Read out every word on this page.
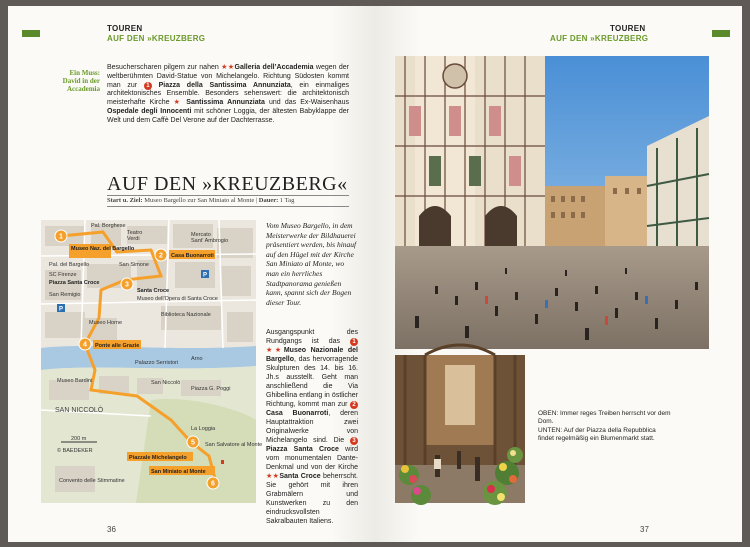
TOUREN
AUF DEN »KREUZBERG
Ein Muss: David in der Accademia
Besucherscharen pilgern zur nahen ★★Galleria dell’Accademia wegen der weltberühmten David-Statue von Michelangelo. Richtung Südosten kommt man zur 1 Piazza della Santissima Annunziata, ein einmaliges architektonisches Ensemble. Besonders sehenswert: die architektonisch meisterhafte Kirche ★ Santissima Annunziata und das Ex-Waisenhaus Ospedale degli Innocenti mit schöner Loggia, der ältesten Babyklappe der Welt und dem Caffè Del Verone auf der Dachterrasse.
AUF DEN »KREUZBERG«
Start u. Ziel: Museo Bargello zur San Miniato al Monte | Dauer: 1 Tag
1
2
3
4
5
6
Museo Naz. del Bargello
Casa Buonarroti
Ponte alle Grazie
Piazzale Michelangelo
San Miniato al Monte
Pal. Borghese
Teatro
Verdi
Pal. del Bargello
Mercato
Sant' Ambrogio
San Simone
SC Firenze
Piazza Santa Croce
Santa Croce
San Remigio
Museo dell'Opera di Santa Croce
Biblioteca Nazionale
Museo Horne
Palazzo Serristori
Museo Bardini	San Niccolò
Arno
Piazza G. Poggi
SAN NICCOLÒ
San Salvatore al Monte
Convento delle Stimmatine
La Loggia
200 m
© BAEDEKER
P
P
Vom Museo Bargello, in dem Meisterwerke der Bildhauerei präsentiert werden, bis hinauf auf den Hügel mit der Kirche San Miniato al Monte, wo man ein herrliches Stadtpanorama genießen kann, spannt sich der Bogen dieser Tour.
Ausgangspunkt des Rundgangs ist das 1★★Museo Nazionale del Bargello, das hervorragende Skulpturen des 14. bis 16. Jh.s ausstellt. Geht man anschließend die Via Ghibellina entlang in östlicher Richtung, kommt man zur 2 Casa Buonarroti, deren Hauptattraktion zwei Originalwerke von Michelangelo sind. Die 3Piazza Santa Croce wird vom monumentalen Dante-Denkmal und von der Kirche ★★Santa Croce beherrscht. Sie gehört mit ihren Grabmälern und Kunstwerken zu den eindrucksvollsten Sakralbauten Italiens.
36
TOUREN
AUF DEN »KREUZBERG
OBEN: Immer reges Treiben herrscht vor dem Dom.
UNTEN: Auf der Piazza della Repubblica findet regelmäßig ein Blumenmarkt statt.
37
